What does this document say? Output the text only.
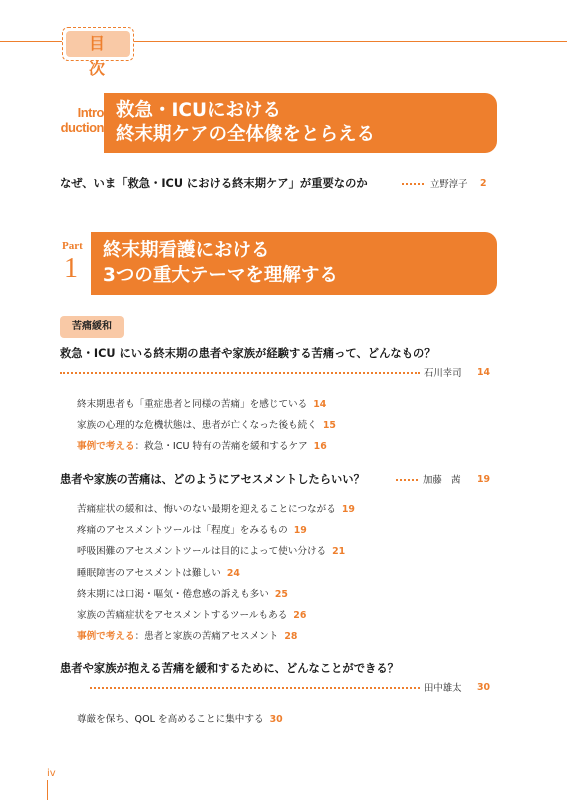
目 次
Intro
duction
救急・ICUにおける
終末期ケアの全体像をとらえる
なぜ、いま「救急・ICU における終末期ケア」が重要なのか	立野淳子 2
Part
1
終末期看護における
3つの重大テーマを理解する
苦痛緩和
救急・ICU にいる終末期の患者や家族が経験する苦痛って、どんなもの？
石川幸司 14
終末期患者も「重症患者と同様の苦痛」を感じている 14
家族の心理的な危機状態は、患者が亡くなった後も続く 15
事例で考える：救急・ICU 特有の苦痛を緩和するケア 16
患者や家族の苦痛は、どのようにアセスメントしたらいい？	加藤　茜 19
苦痛症状の緩和は、悔いのない最期を迎えることにつながる 19
疼痛のアセスメントツールは「程度」をみるもの 19
呼吸困難のアセスメントツールは目的によって使い分ける 21
睡眠障害のアセスメントは難しい 24
終末期には口渇・嘔気・倦怠感の訴えも多い 25
家族の苦痛症状をアセスメントするツールもある 26
事例で考える：患者と家族の苦痛アセスメント 28
患者や家族が抱える苦痛を緩和するために、どんなことができる？
田中雄太 30
尊厳を保ち、QOL を高めることに集中する 30
iv
